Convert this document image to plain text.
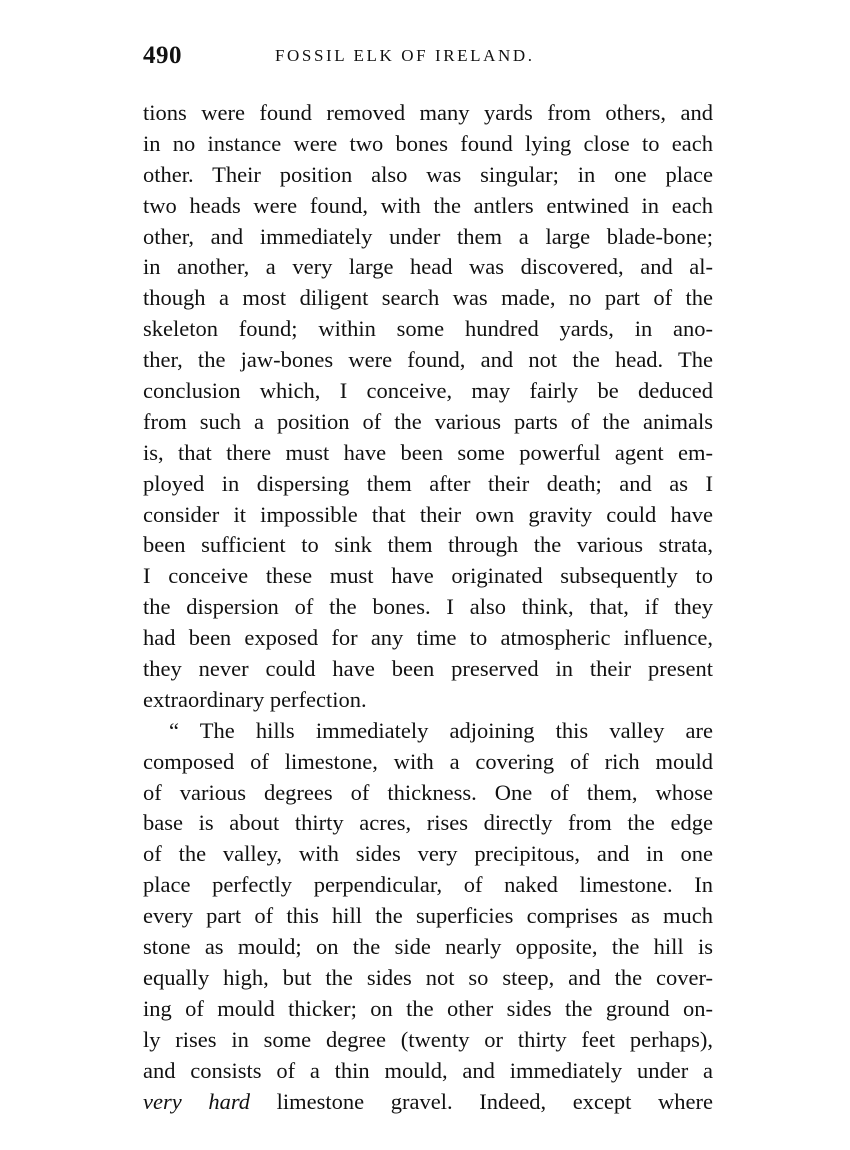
490	FOSSIL ELK OF IRELAND.
tions were found removed many yards from others, and
in no instance were two bones found lying close to each
other. Their position also was singular; in one place
two heads were found, with the antlers entwined in each
other, and immediately under them a large blade-bone;
in another, a very large head was discovered, and al-
though a most diligent search was made, no part of the
skeleton found; within some hundred yards, in ano-
ther, the jaw-bones were found, and not the head. The
conclusion which, I conceive, may fairly be deduced
from such a position of the various parts of the animals
is, that there must have been some powerful agent em-
ployed in dispersing them after their death; and as I
consider it impossible that their own gravity could have
been sufficient to sink them through the various strata,
I conceive these must have originated subsequently to
the dispersion of the bones. I also think, that, if they
had been exposed for any time to atmospheric influence,
they never could have been preserved in their present
extraordinary perfection.
“ The hills immediately adjoining this valley are
composed of limestone, with a covering of rich mould
of various degrees of thickness. One of them, whose
base is about thirty acres, rises directly from the edge
of the valley, with sides very precipitous, and in one
place perfectly perpendicular, of naked limestone. In
every part of this hill the superficies comprises as much
stone as mould; on the side nearly opposite, the hill is
equally high, but the sides not so steep, and the cover-
ing of mould thicker; on the other sides the ground on-
ly rises in some degree (twenty or thirty feet perhaps),
and consists of a thin mould, and immediately under a
very hard limestone gravel. Indeed, except where
